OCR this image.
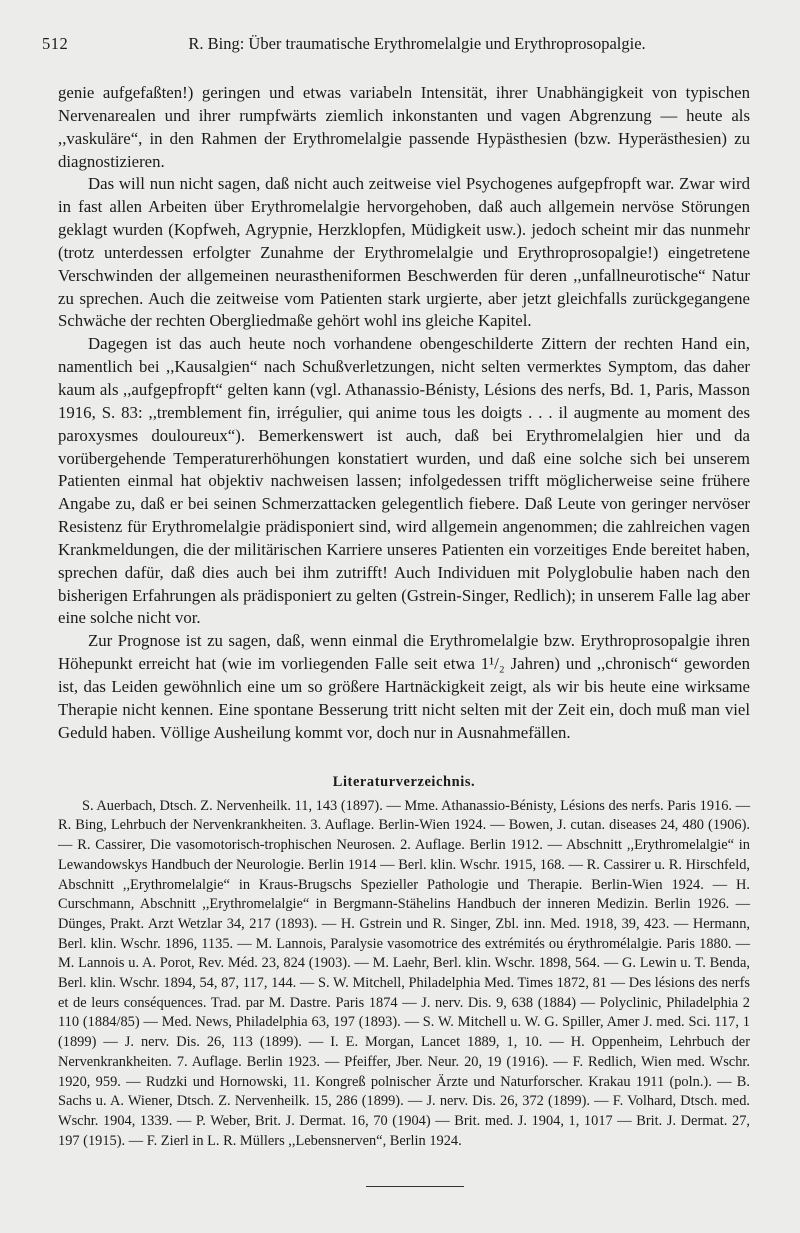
512	R. Bing: Über traumatische Erythromelalgie und Erythroprosopalgie.

genie aufgefaßten!) geringen und etwas variabeln Intensität, ihrer Unabhängigkeit von typischen Nervenarealen und ihrer rumpfwärts ziemlich inkonstanten und vagen Abgrenzung — heute als ,,vaskuläre“, in den Rahmen der Erythromelalgie passende Hypästhesien (bzw. Hyperästhesien) zu diagnostizieren.

Das will nun nicht sagen, daß nicht auch zeitweise viel Psychogenes aufgepfropft war. Zwar wird in fast allen Arbeiten über Erythromelalgie hervorgehoben, daß auch allgemein nervöse Störungen geklagt wurden (Kopfweh, Agrypnie, Herzklopfen, Müdigkeit usw.). jedoch scheint mir das nunmehr (trotz unterdessen erfolgter Zunahme der Erythromelalgie und Erythroprosopalgie!) eingetretene Verschwinden der allgemeinen neurastheniformen Beschwerden für deren ,,unfallneurotische“ Natur zu sprechen. Auch die zeitweise vom Patienten stark urgierte, aber jetzt gleichfalls zurückgegangene Schwäche der rechten Obergliedmaße gehört wohl ins gleiche Kapitel.

Dagegen ist das auch heute noch vorhandene obengeschilderte Zittern der rechten Hand ein, namentlich bei ,,Kausalgien“ nach Schußverletzungen, nicht selten vermerktes Symptom, das daher kaum als ,,aufgepfropft“ gelten kann (vgl. Athanassio-Bénisty, Lésions des nerfs, Bd. 1, Paris, Masson 1916, S. 83: ,,tremblement fin, irrégulier, qui anime tous les doigts . . . il augmente au moment des paroxysmes douloureux“). Bemerkenswert ist auch, daß bei Erythromelalgien hier und da vorübergehende Temperaturerhöhungen konstatiert wurden, und daß eine solche sich bei unserem Patienten einmal hat objektiv nachweisen lassen; infolgedessen trifft möglicherweise seine frühere Angabe zu, daß er bei seinen Schmerzattacken gelegentlich fiebere. Daß Leute von geringer nervöser Resistenz für Erythromelalgie prädisponiert sind, wird allgemein angenommen; die zahlreichen vagen Krankmeldungen, die der militärischen Karriere unseres Patienten ein vorzeitiges Ende bereitet haben, sprechen dafür, daß dies auch bei ihm zutrifft! Auch Individuen mit Polyglobulie haben nach den bisherigen Erfahrungen als prädisponiert zu gelten (Gstrein-Singer, Redlich); in unserem Falle lag aber eine solche nicht vor.

Zur Prognose ist zu sagen, daß, wenn einmal die Erythromelalgie bzw. Erythroprosopalgie ihren Höhepunkt erreicht hat (wie im vorliegenden Falle seit etwa 1¹/₂ Jahren) und ,,chronisch“ geworden ist, das Leiden gewöhnlich eine um so größere Hartnäckigkeit zeigt, als wir bis heute eine wirksame Therapie nicht kennen. Eine spontane Besserung tritt nicht selten mit der Zeit ein, doch muß man viel Geduld haben. Völlige Ausheilung kommt vor, doch nur in Ausnahmefällen.

Literaturverzeichnis.

S. Auerbach, Dtsch. Z. Nervenheilk. 11, 143 (1897). — Mme. Athanassio-Bénisty, Lésions des nerfs. Paris 1916. — R. Bing, Lehrbuch der Nervenkrankheiten. 3. Auflage. Berlin-Wien 1924. — Bowen, J. cutan. diseases 24, 480 (1906). — R. Cassirer, Die vasomotorisch-trophischen Neurosen. 2. Auflage. Berlin 1912. — Abschnitt ,,Erythromelalgie“ in Lewandowskys Handbuch der Neurologie. Berlin 1914 — Berl. klin. Wschr. 1915, 168. — R. Cassirer u. R. Hirschfeld, Abschnitt ,,Erythromelalgie“ in Kraus-Brugschs Spezieller Pathologie und Therapie. Berlin-Wien 1924. — H. Curschmann, Abschnitt ,,Erythromelalgie“ in Bergmann-Stähelins Handbuch der inneren Medizin. Berlin 1926. — Dünges, Prakt. Arzt Wetzlar 34, 217 (1893). — H. Gstrein und R. Singer, Zbl. inn. Med. 1918, 39, 423. — Hermann, Berl. klin. Wschr. 1896, 1135. — M. Lannois, Paralysie vasomotrice des extrémités ou érythromélalgie. Paris 1880. — M. Lannois u. A. Porot, Rev. Méd. 23, 824 (1903). — M. Laehr, Berl. klin. Wschr. 1898, 564. — G. Lewin u. T. Benda, Berl. klin. Wschr. 1894, 54, 87, 117, 144. — S. W. Mitchell, Philadelphia Med. Times 1872, 81 — Des lésions des nerfs et de leurs conséquences. Trad. par M. Dastre. Paris 1874 — J. nerv. Dis. 9, 638 (1884) — Polyclinic, Philadelphia 2 110 (1884/85) — Med. News, Philadelphia 63, 197 (1893). — S. W. Mitchell u. W. G. Spiller, Amer J. med. Sci. 117, 1 (1899) — J. nerv. Dis. 26, 113 (1899). — I. E. Morgan, Lancet 1889, 1, 10. — H. Oppenheim, Lehrbuch der Nervenkrankheiten. 7. Auflage. Berlin 1923. — Pfeiffer, Jber. Neur. 20, 19 (1916). — F. Redlich, Wien med. Wschr. 1920, 959. — Rudzki und Hornowski, 11. Kongreß polnischer Ärzte und Naturforscher. Krakau 1911 (poln.). — B. Sachs u. A. Wiener, Dtsch. Z. Nervenheilk. 15, 286 (1899). — J. nerv. Dis. 26, 372 (1899). — F. Volhard, Dtsch. med. Wschr. 1904, 1339. — P. Weber, Brit. J. Dermat. 16, 70 (1904) — Brit. med. J. 1904, 1, 1017 — Brit. J. Dermat. 27, 197 (1915). — F. Zierl in L. R. Müllers ,,Lebensnerven“, Berlin 1924.
